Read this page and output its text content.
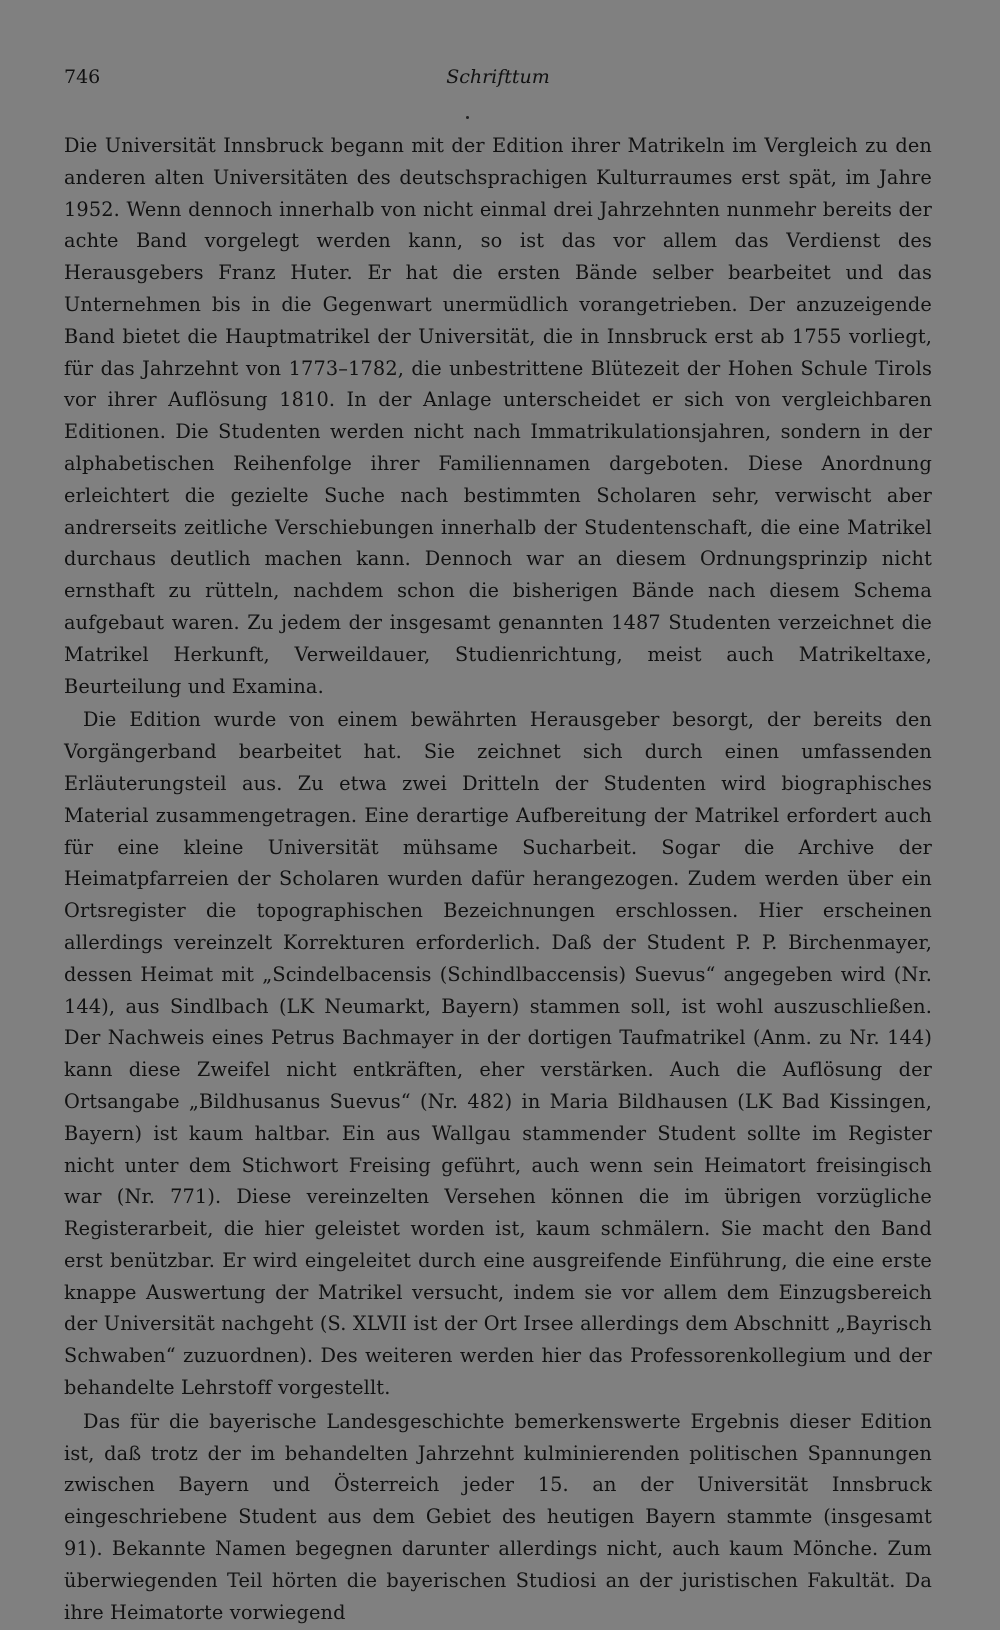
746	Schrifttum

Die Universität Innsbruck begann mit der Edition ihrer Matrikeln im Vergleich zu den anderen alten Universitäten des deutschsprachigen Kulturraumes erst spät, im Jahre 1952. Wenn dennoch innerhalb von nicht einmal drei Jahrzehnten nunmehr bereits der achte Band vorgelegt werden kann, so ist das vor allem das Verdienst des Herausgebers Franz Huter. Er hat die ersten Bände selber bearbeitet und das Unternehmen bis in die Gegenwart unermüdlich vorangetrieben. Der anzuzeigende Band bietet die Hauptmatrikel der Universität, die in Innsbruck erst ab 1755 vorliegt, für das Jahrzehnt von 1773–1782, die unbestrittene Blütezeit der Hohen Schule Tirols vor ihrer Auflösung 1810. In der Anlage unterscheidet er sich von vergleichbaren Editionen. Die Studenten werden nicht nach Immatrikulationsjahren, sondern in der alphabetischen Reihenfolge ihrer Familiennamen dargeboten. Diese Anordnung erleichtert die gezielte Suche nach bestimmten Scholaren sehr, verwischt aber andrerseits zeitliche Verschiebungen innerhalb der Studentenschaft, die eine Matrikel durchaus deutlich machen kann. Dennoch war an diesem Ordnungsprinzip nicht ernsthaft zu rütteln, nachdem schon die bisherigen Bände nach diesem Schema aufgebaut waren. Zu jedem der insgesamt genannten 1487 Studenten verzeichnet die Matrikel Herkunft, Verweildauer, Studienrichtung, meist auch Matrikeltaxe, Beurteilung und Examina.

Die Edition wurde von einem bewährten Herausgeber besorgt, der bereits den Vorgängerband bearbeitet hat. Sie zeichnet sich durch einen umfassenden Erläuterungsteil aus. Zu etwa zwei Dritteln der Studenten wird biographisches Material zusammengetragen. Eine derartige Aufbereitung der Matrikel erfordert auch für eine kleine Universität mühsame Sucharbeit. Sogar die Archive der Heimatpfarreien der Scholaren wurden dafür herangezogen. Zudem werden über ein Ortsregister die topographischen Bezeichnungen erschlossen. Hier erscheinen allerdings vereinzelt Korrekturen erforderlich. Daß der Student P. P. Birchenmayer, dessen Heimat mit „Scindelbacensis (Schindlbaccensis) Suevus“ angegeben wird (Nr. 144), aus Sindlbach (LK Neumarkt, Bayern) stammen soll, ist wohl auszuschließen. Der Nachweis eines Petrus Bachmayer in der dortigen Taufmatrikel (Anm. zu Nr. 144) kann diese Zweifel nicht entkräften, eher verstärken. Auch die Auflösung der Ortsangabe „Bildhusanus Suevus“ (Nr. 482) in Maria Bildhausen (LK Bad Kissingen, Bayern) ist kaum haltbar. Ein aus Wallgau stammender Student sollte im Register nicht unter dem Stichwort Freising geführt, auch wenn sein Heimatort freisingisch war (Nr. 771). Diese vereinzelten Versehen können die im übrigen vorzügliche Registerarbeit, die hier geleistet worden ist, kaum schmälern. Sie macht den Band erst benützbar. Er wird eingeleitet durch eine ausgreifende Einführung, die eine erste knappe Auswertung der Matrikel versucht, indem sie vor allem dem Einzugsbereich der Universität nachgeht (S. XLVII ist der Ort Irsee allerdings dem Abschnitt „Bayrisch Schwaben“ zuzuordnen). Des weiteren werden hier das Professorenkollegium und der behandelte Lehrstoff vorgestellt.

Das für die bayerische Landesgeschichte bemerkenswerte Ergebnis dieser Edition ist, daß trotz der im behandelten Jahrzehnt kulminierenden politischen Spannungen zwischen Bayern und Österreich jeder 15. an der Universität Innsbruck eingeschriebene Student aus dem Gebiet des heutigen Bayern stammte (insgesamt 91). Bekannte Namen begegnen darunter allerdings nicht, auch kaum Mönche. Zum überwiegenden Teil hörten die bayerischen Studiosi an der juristischen Fakultät. Da ihre Heimatorte vorwiegend
